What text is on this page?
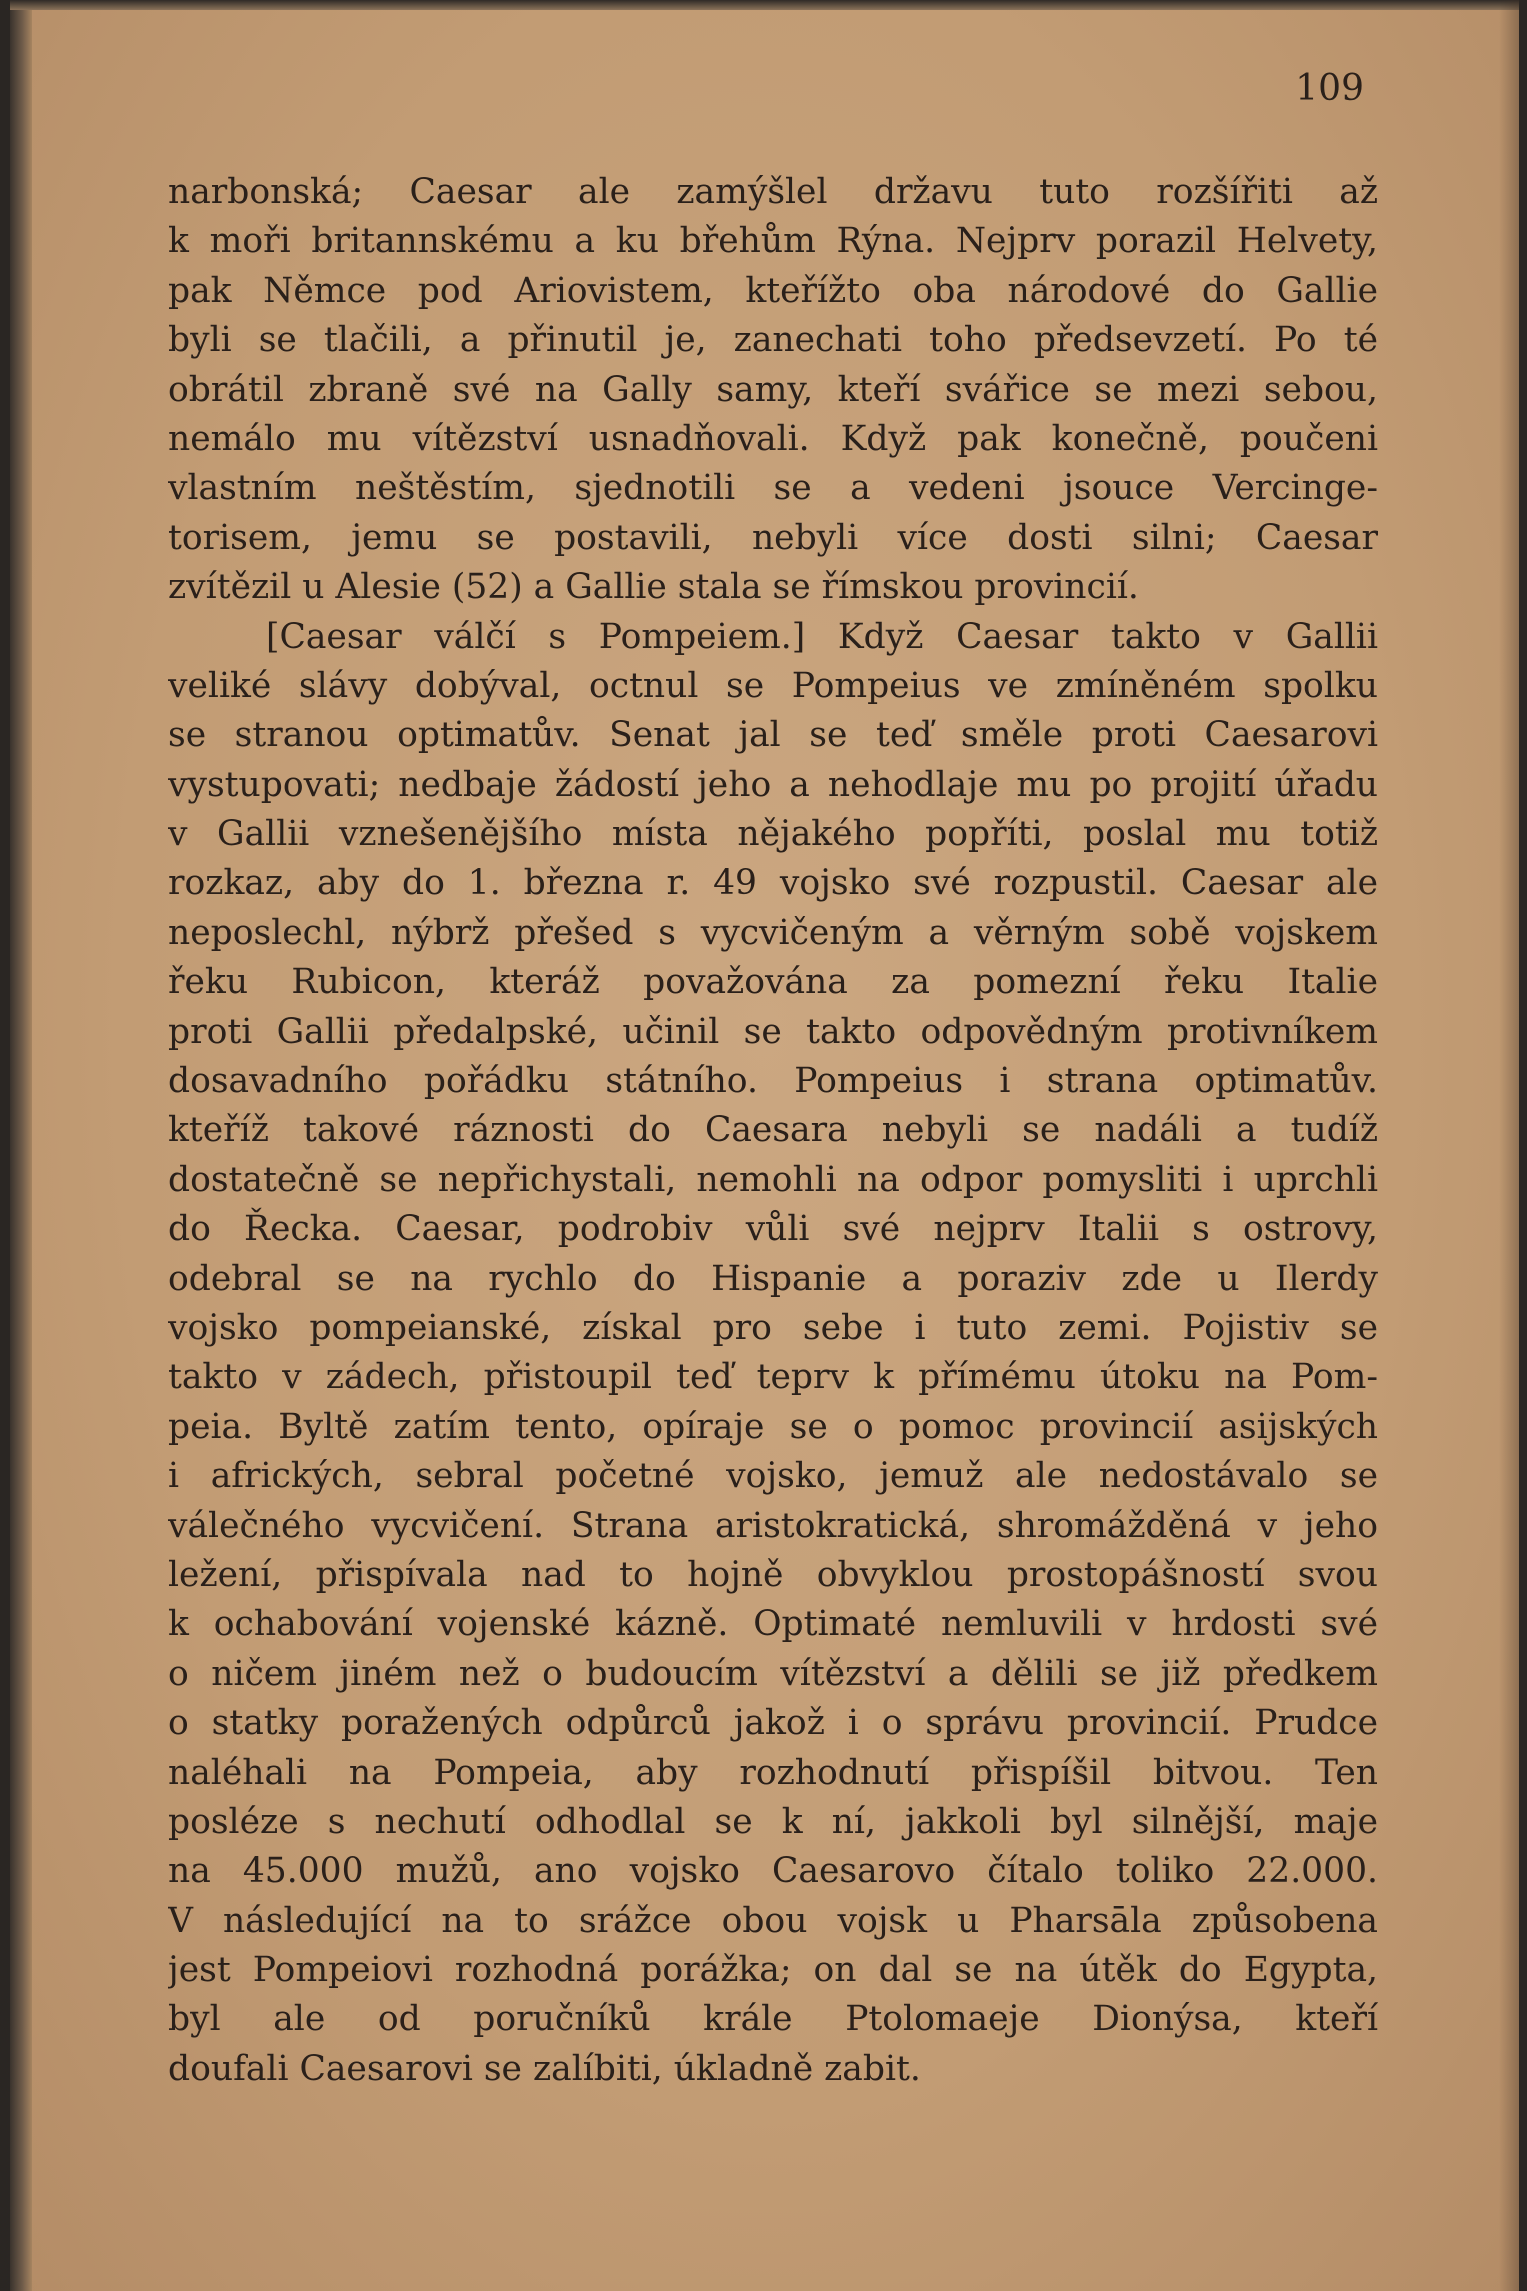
109
narbonská; Caesar ale zamýšlel državu tuto rozšířiti až
k moři britannskému a ku břehům Rýna. Nejprv porazil Helvety,
pak Němce pod Ariovistem, kteřížto oba národové do Gallie
byli se tlačili, a přinutil je, zanechati toho předsevzetí. Po té
obrátil zbraně své na Gally samy, kteří svářice se mezi sebou,
nemálo mu vítězství usnadňovali. Když pak konečně, poučeni
vlastním neštěstím, sjednotili se a vedeni jsouce Vercinge-
torisem, jemu se postavili, nebyli více dosti silni; Caesar
zvítězil u Alesie (52) a Gallie stala se římskou provincií.
[Caesar válčí s Pompeiem.] Když Caesar takto v Gallii
veliké slávy dobýval, octnul se Pompeius ve zmíněném spolku
se stranou optimatův. Senat jal se teď směle proti Caesarovi
vystupovati; nedbaje žádostí jeho a nehodlaje mu po projití úřadu
v Gallii vznešenějšího místa nějakého popříti, poslal mu totiž
rozkaz, aby do 1. března r. 49 vojsko své rozpustil. Caesar ale
neposlechl, nýbrž přešed s vycvičeným a věrným sobě vojskem
řeku Rubicon, kteráž považována za pomezní řeku Italie
proti Gallii předalpské, učinil se takto odpovědným protivníkem
dosavadního pořádku státního. Pompeius i strana optimatův.
kteříž takové ráznosti do Caesara nebyli se nadáli a tudíž
dostatečně se nepřichystali, nemohli na odpor pomysliti i uprchli
do Řecka. Caesar, podrobiv vůli své nejprv Italii s ostrovy,
odebral se na rychlo do Hispanie a poraziv zde u Ilerdy
vojsko pompeianské, získal pro sebe i tuto zemi. Pojistiv se
takto v zádech, přistoupil teď teprv k přímému útoku na Pom-
peia. Byltě zatím tento, opíraje se o pomoc provincií asijských
i afrických, sebral početné vojsko, jemuž ale nedostávalo se
válečného vycvičení. Strana aristokratická, shromážděná v jeho
ležení, přispívala nad to hojně obvyklou prostopášností svou
k ochabování vojenské kázně. Optimaté nemluvili v hrdosti své
o ničem jiném než o budoucím vítězství a dělili se již předkem
o statky poražených odpůrců jakož i o správu provincií. Prudce
naléhali na Pompeia, aby rozhodnutí přispíšil bitvou. Ten
posléze s nechutí odhodlal se k ní, jakkoli byl silnější, maje
na 45.000 mužů, ano vojsko Caesarovo čítalo toliko 22.000.
V následující na to srážce obou vojsk u Pharsāla způsobena
jest Pompeiovi rozhodná porážka; on dal se na útěk do Egypta,
byl ale od poručníků krále Ptolomaeje Dionýsa, kteří
doufali Caesarovi se zalíbiti, úkladně zabit.
